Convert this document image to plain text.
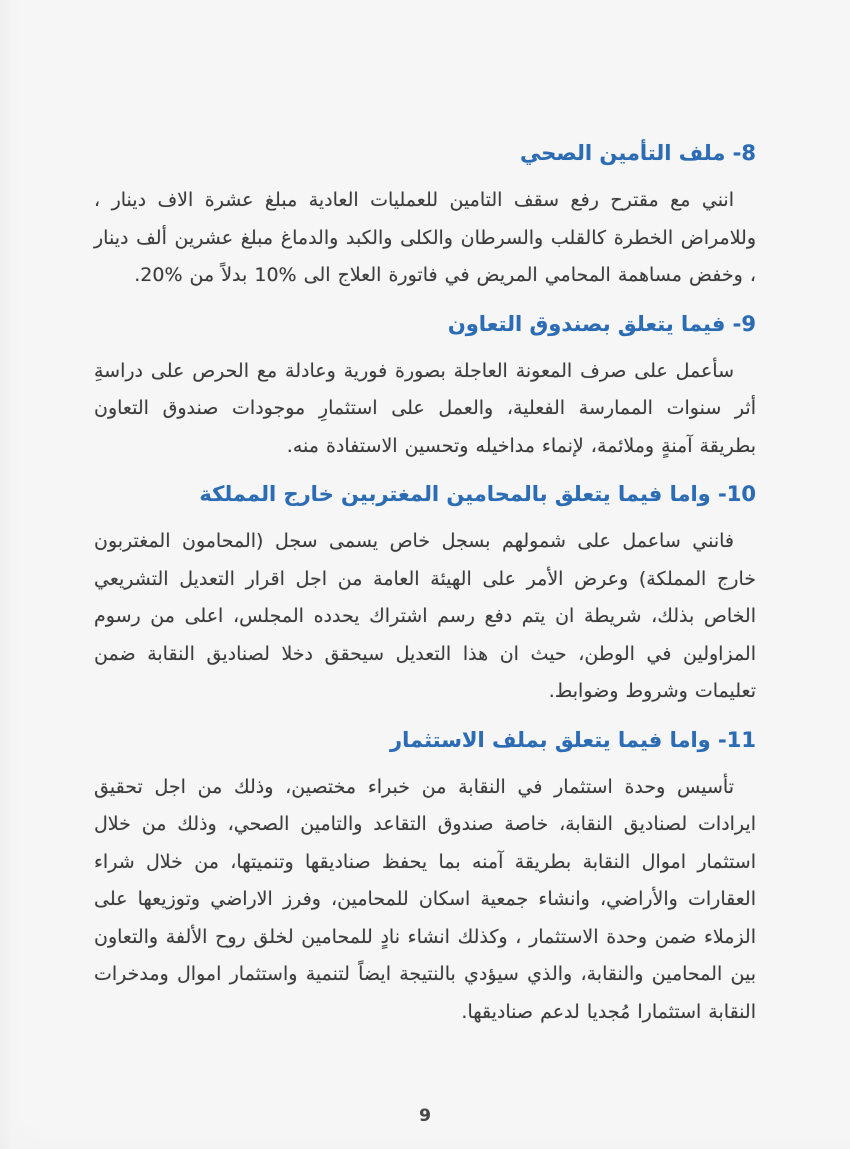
8- ملف التأمين الصحي

انني مع مقترح رفع سقف التامين للعمليات العادية مبلغ عشرة الاف دينار ، وللامراض الخطرة كالقلب والسرطان والكلى والكبد والدماغ مبلغ عشرين ألف دينار ، وخفض مساهمة المحامي المريض في فاتورة العلاج الى %10 بدلاً من %20.

9- فيما يتعلق بصندوق التعاون

سأعمل على صرف المعونة العاجلة بصورة فورية وعادلة مع الحرص على دراسةِ أثر سنوات الممارسة الفعلية، والعمل على استثمارِ موجودات صندوق التعاون بطريقة آمنةٍ وملائمة، لإنماء مداخيله وتحسين الاستفادة منه.

10- واما فيما يتعلق بالمحامين المغتربين خارج المملكة

فانني ساعمل على شمولهم بسجل خاص يسمى سجل (المحامون المغتربون خارج المملكة) وعرض الأمر على الهيئة العامة من اجل اقرار التعديل التشريعي الخاص بذلك، شريطة ان يتم دفع رسم اشتراك يحدده المجلس، اعلى من رسوم المزاولين في الوطن، حيث ان هذا التعديل سيحقق دخلا لصناديق النقابة ضمن تعليمات وشروط وضوابط.

11- واما فيما يتعلق بملف الاستثمار

تأسيس وحدة استثمار في النقابة من خبراء مختصين، وذلك من اجل تحقيق ايرادات لصناديق النقابة، خاصة صندوق التقاعد والتامين الصحي، وذلك من خلال استثمار اموال النقابة بطريقة آمنه بما يحفظ صناديقها وتنميتها، من خلال شراء العقارات والأراضي، وانشاء جمعية اسكان للمحامين، وفرز الاراضي وتوزيعها على الزملاء ضمن وحدة الاستثمار ، وكذلك انشاء نادٍ للمحامين لخلق روح الألفة والتعاون بين المحامين والنقابة، والذي سيؤدي بالنتيجة ايضاً لتنمية واستثمار اموال ومدخرات النقابة استثمارا مُجديا لدعم صناديقها.

9
